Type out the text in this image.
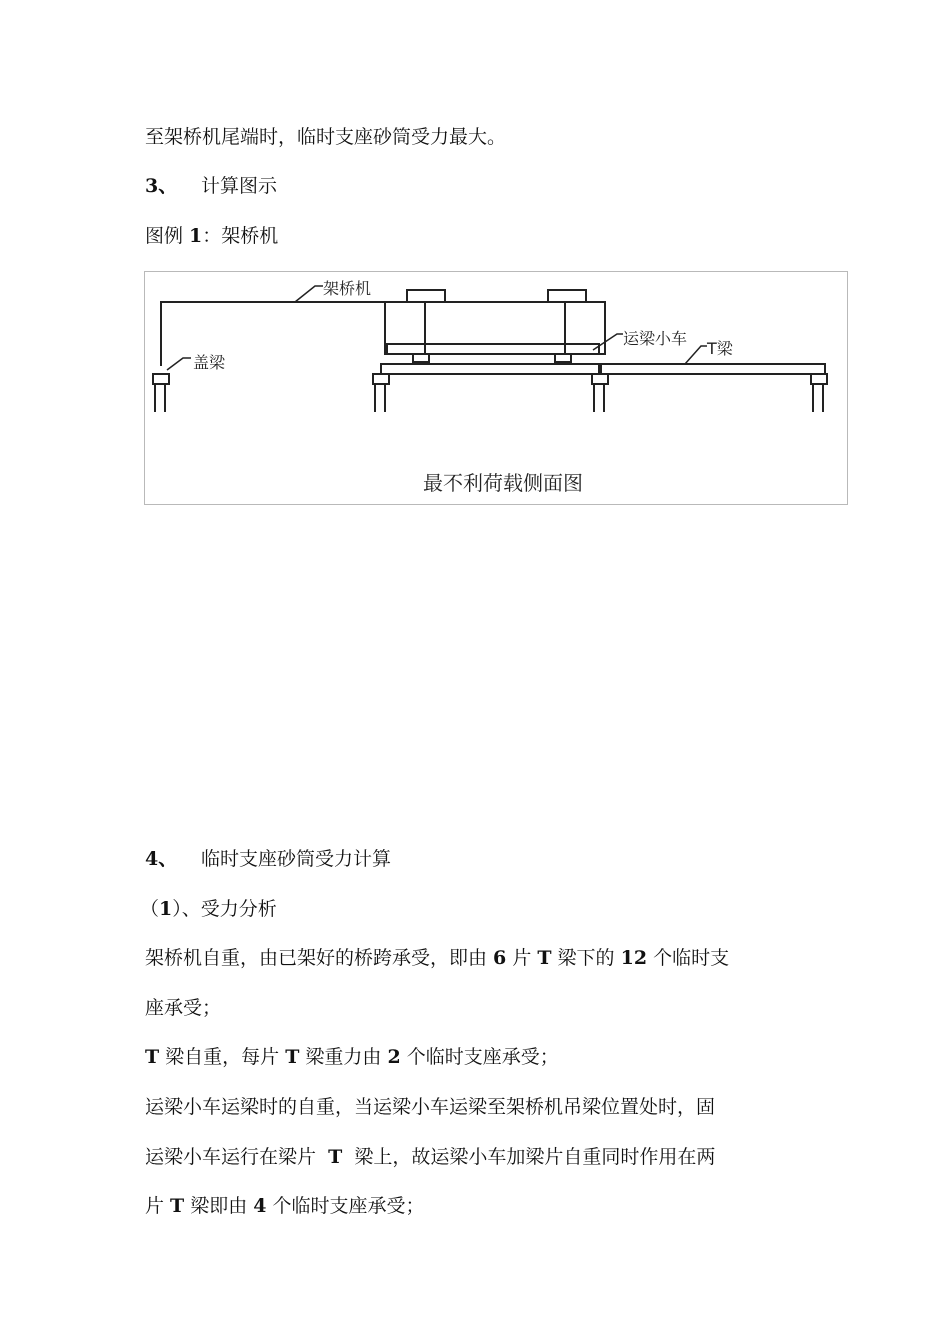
至架桥机尾端时，临时支座砂筒受力最大。
3、 计算图示
图例 1：架桥机
架桥机
盖梁
运梁小车
T梁
最不利荷载侧面图
4、 临时支座砂筒受力计算
（1）、受力分析
架桥机自重，由已架好的桥跨承受，即由 6 片 T 梁下的 12 个临时支
座承受；
T 梁自重，每片 T 梁重力由 2 个临时支座承受；
运梁小车运梁时的自重，当运梁小车运梁至架桥机吊梁位置处时，固
运梁小车运行在梁片  T  梁上，故运梁小车加梁片自重同时作用在两
片 T 梁即由 4 个临时支座承受；
